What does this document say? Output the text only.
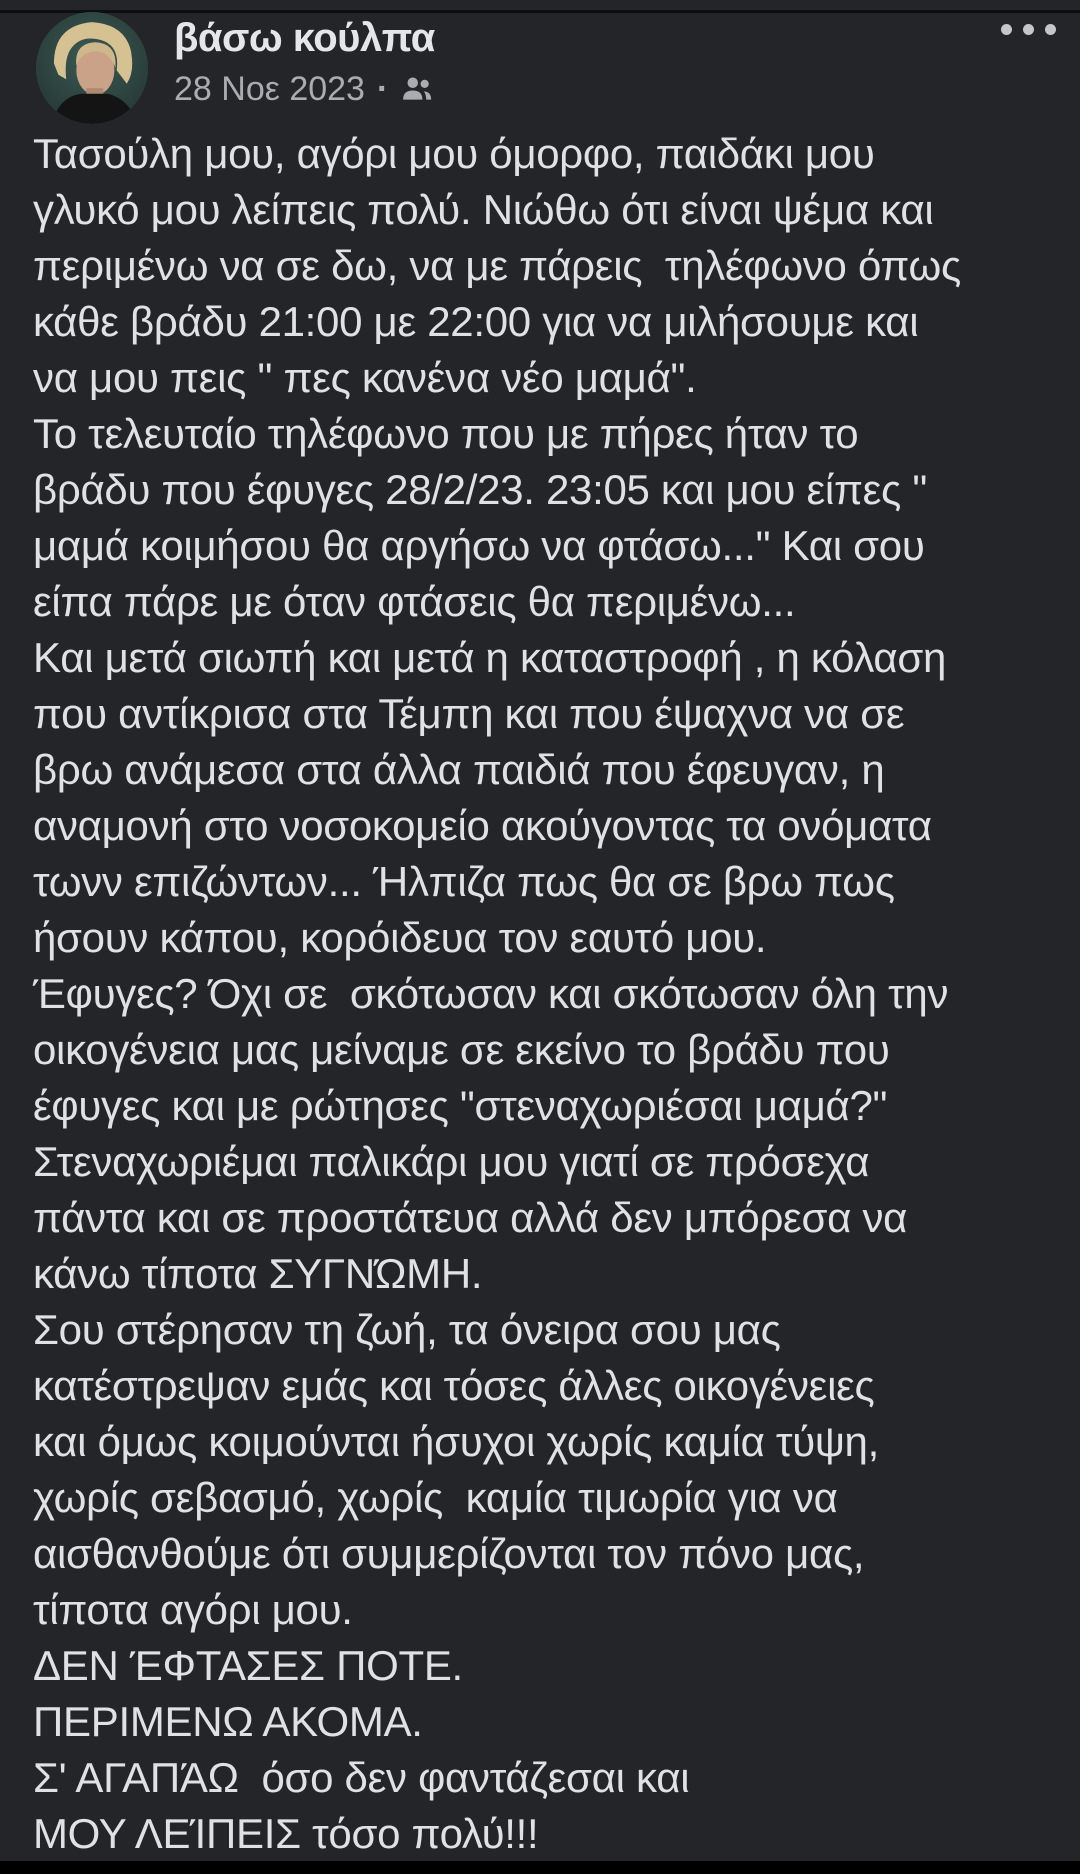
βάσω κούλπα
28 Νοε 2023 ·
Τασούλη μου, αγόρι μου όμορφο, παιδάκι μου
γλυκό μου λείπεις πολύ. Νιώθω ότι είναι ψέμα και
περιμένω να σε δω, να με πάρεις  τηλέφωνο όπως
κάθε βράδυ 21:00 με 22:00 για να μιλήσουμε και
να μου πεις " πες κανένα νέο μαμά".
Το τελευταίο τηλέφωνο που με πήρες ήταν το
βράδυ που έφυγες 28/2/23. 23:05 και μου είπες "
μαμά κοιμήσου θα αργήσω να φτάσω..." Και σου
είπα πάρε με όταν φτάσεις θα περιμένω...
Και μετά σιωπή και μετά η καταστροφή , η κόλαση
που αντίκρισα στα Τέμπη και που έψαχνα να σε
βρω ανάμεσα στα άλλα παιδιά που έφευγαν, η
αναμονή στο νοσοκομείο ακούγοντας τα ονόματα
τωνν επιζώντων... Ήλπιζα πως θα σε βρω πως
ήσουν κάπου, κορόιδευα τον εαυτό μου.
Έφυγες? Όχι σε  σκότωσαν και σκότωσαν όλη την
οικογένεια μας μείναμε σε εκείνο το βράδυ που
έφυγες και με ρώτησες "στεναχωριέσαι μαμά?"
Στεναχωριέμαι παλικάρι μου γιατί σε πρόσεχα
πάντα και σε προστάτευα αλλά δεν μπόρεσα να
κάνω τίποτα ΣΥΓΝΏΜΗ.
Σου στέρησαν τη ζωή, τα όνειρα σου μας
κατέστρεψαν εμάς και τόσες άλλες οικογένειες
και όμως κοιμούνται ήσυχοι χωρίς καμία τύψη,
χωρίς σεβασμό, χωρίς  καμία τιμωρία για να
αισθανθούμε ότι συμμερίζονται τον πόνο μας,
τίποτα αγόρι μου.
ΔΕΝ ΈΦΤΑΣΕΣ ΠΟΤΕ.
ΠΕΡΙΜΕΝΩ ΑΚΟΜΑ.
Σ' ΑΓΑΠΆΩ  όσο δεν φαντάζεσαι και
ΜΟΥ ΛΕΊΠΕΙΣ τόσο πολύ!!!
